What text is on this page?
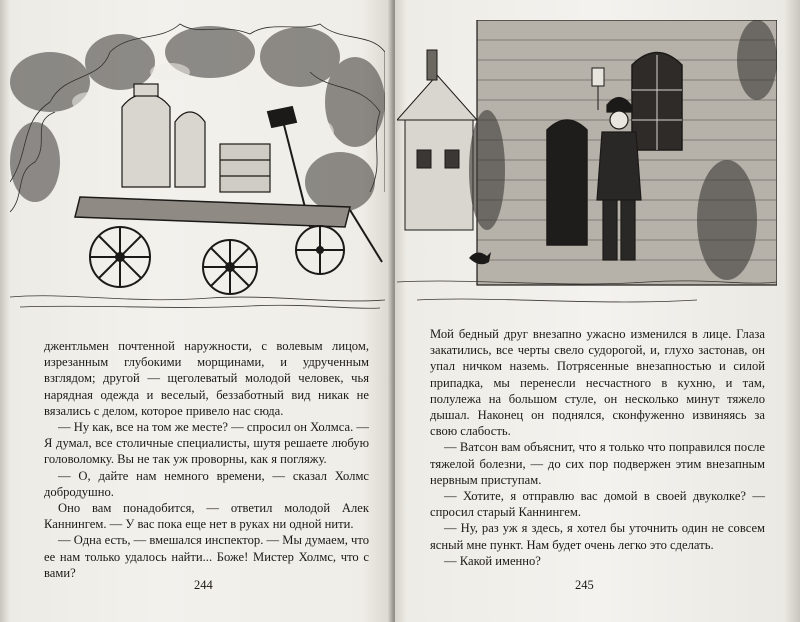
джентльмен почтенной наружности, с волевым лицом, изрезанным глубокими морщинами, и удрученным взглядом; другой — щеголеватый молодой человек, чья нарядная одежда и веселый, беззаботный вид никак не вязались с делом, которое привело нас сюда.

— Ну как, все на том же месте? — спросил он Холмса. — Я думал, все столичные специалисты, шутя решаете любую головоломку. Вы не так уж проворны, как я погляжу.

— О, дайте нам немного времени, — сказал Холмс добродушно.

Оно вам понадобится, — ответил молодой Алек Каннингем. — У вас пока еще нет в руках ни одной нити.

— Одна есть, — вмешался инспектор. — Мы думаем, что ее нам только удалось найти... Боже! Мистер Холмс, что с вами?

244

Мой бедный друг внезапно ужасно изменился в лице. Глаза закатились, все черты свело судорогой, и, глухо застонав, он упал ничком наземь. Потрясенные внезапностью и силой припадка, мы перенесли несчастного в кухню, и там, полулежа на большом стуле, он несколько минут тяжело дышал. Наконец он поднялся, сконфуженно извиняясь за свою слабость.

— Ватсон вам объяснит, что я только что поправился после тяжелой болезни, — до сих пор подвержен этим внезапным нервным приступам.

— Хотите, я отправлю вас домой в своей двуколке? — спросил старый Каннингем.

— Ну, раз уж я здесь, я хотел бы уточнить один не совсем ясный мне пункт. Нам будет очень легко это сделать.

— Какой именно?

245
